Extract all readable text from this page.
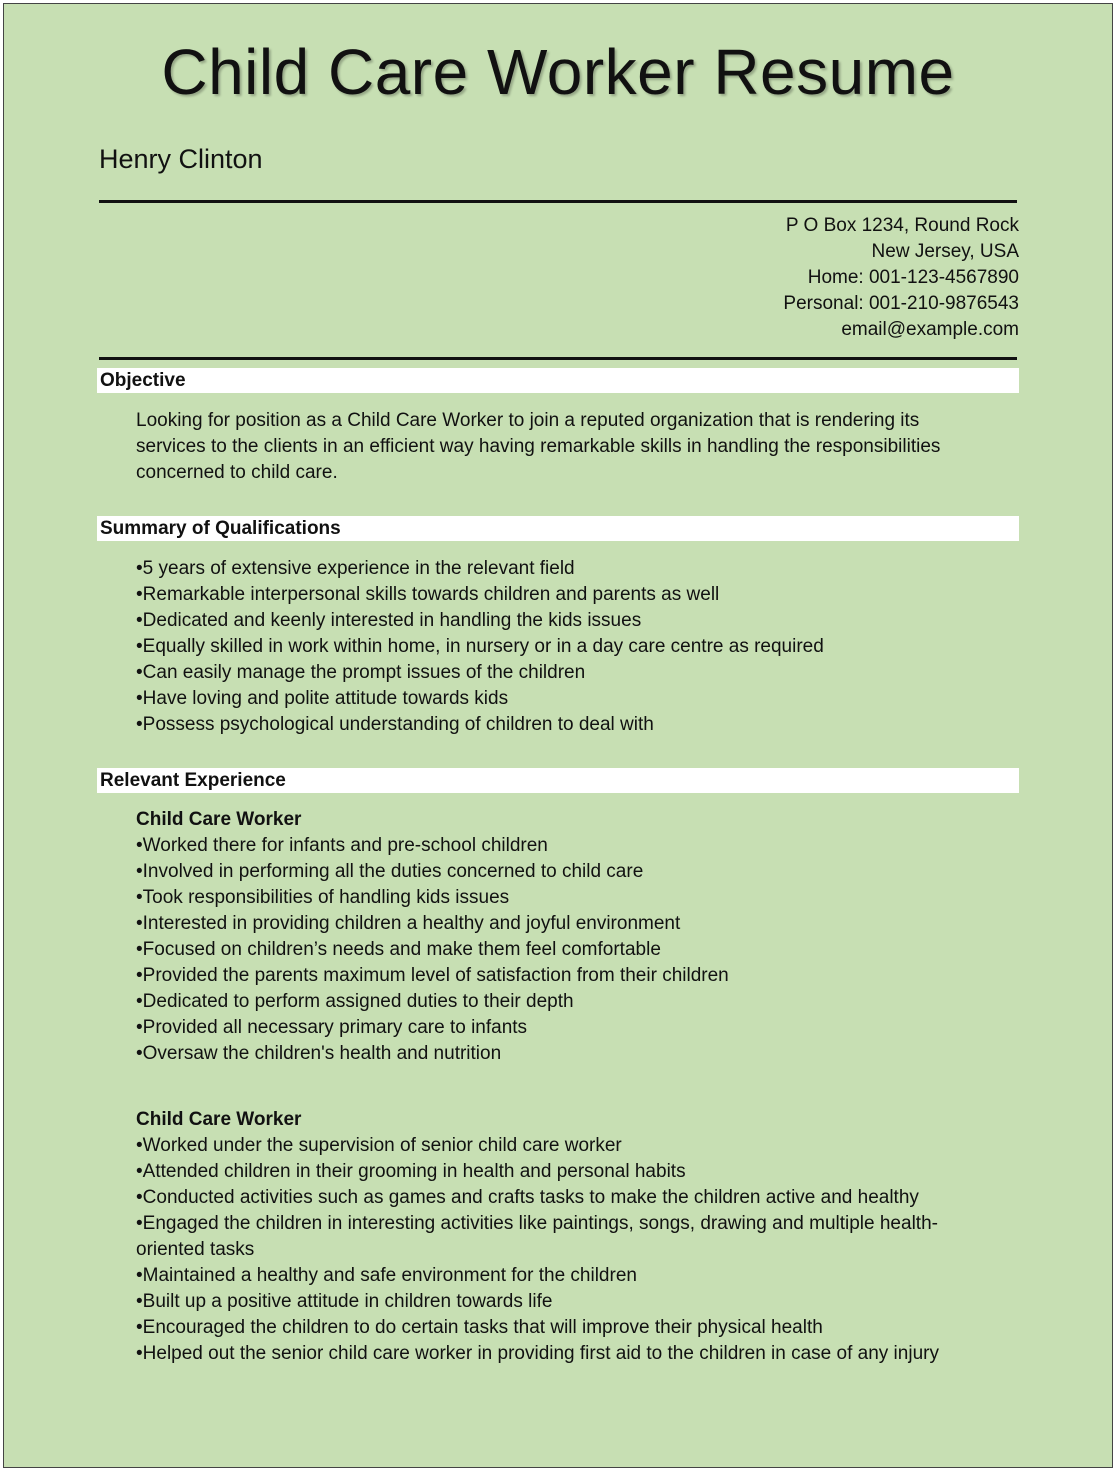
Child Care Worker Resume
Henry Clinton
P O Box 1234, Round Rock
New Jersey, USA
Home: 001-123-4567890
Personal: 001-210-9876543
email@example.com
Objective
Looking for position as a Child Care Worker to join a reputed organization that is rendering its services to the clients in an efficient way having remarkable skills in handling the responsibilities concerned to child care.
Summary of Qualifications
• 5 years of extensive experience in the relevant field
• Remarkable interpersonal skills towards children and parents as well
• Dedicated and keenly interested in handling the kids issues
• Equally skilled in work within home, in nursery or in a day care centre as required
• Can easily manage the prompt issues of the children
• Have loving and polite attitude towards kids
• Possess psychological understanding of children to deal with
Relevant Experience
Child Care Worker
• Worked there for infants and pre-school children
• Involved in performing all the duties concerned to child care
• Took responsibilities of handling kids issues
• Interested in providing children a healthy and joyful environment
• Focused on children’s needs and make them feel comfortable
• Provided the parents maximum level of satisfaction from their children
• Dedicated to perform assigned duties to their depth
• Provided all necessary primary care to infants
• Oversaw the children's health and nutrition
Child Care Worker
• Worked under the supervision of senior child care worker
• Attended children in their grooming in health and personal habits
• Conducted activities such as games and crafts tasks to make the children active and healthy
• Engaged the children in interesting activities like paintings, songs, drawing and multiple health-oriented tasks
• Maintained a healthy and safe environment for the children
• Built up a positive attitude in children towards life
• Encouraged the children to do certain tasks that will improve their physical health
• Helped out the senior child care worker in providing first aid to the children in case of any injury
